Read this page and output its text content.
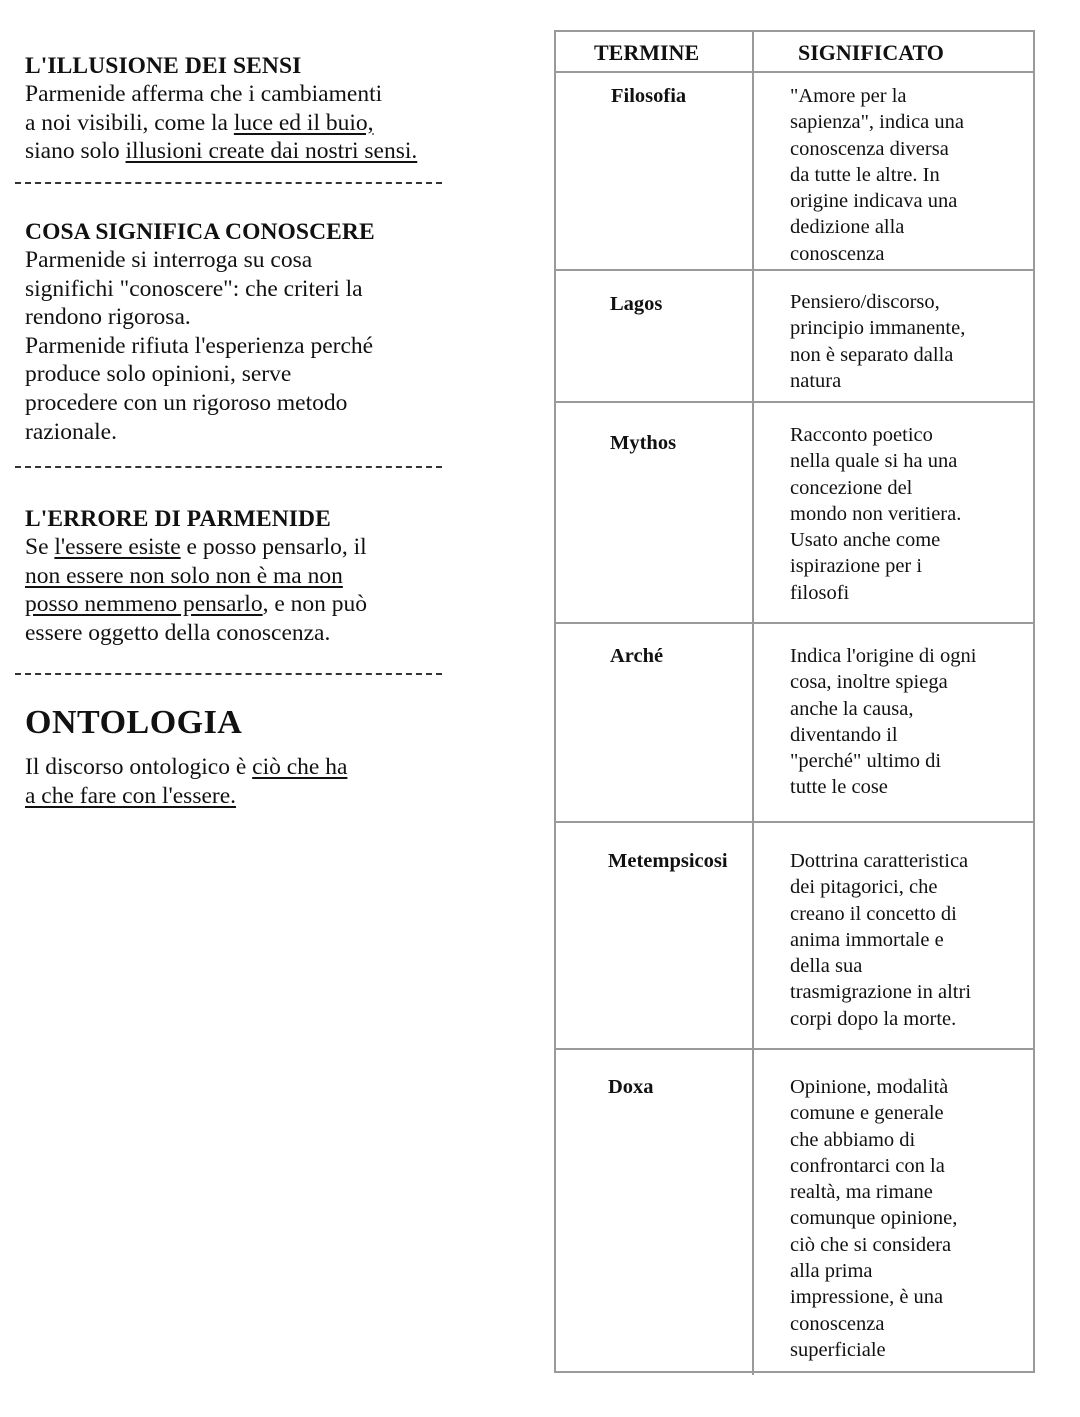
L'ILLUSIONE DEI SENSI
Parmenide afferma che i cambiamenti
a noi visibili, come la luce ed il buio,
siano solo illusioni create dai nostri sensi.
COSA SIGNIFICA CONOSCERE
Parmenide si interroga su cosa
significhi "conoscere": che criteri la
rendono rigorosa.
Parmenide rifiuta l'esperienza perché
produce solo opinioni, serve
procedere con un rigoroso metodo
razionale.
L'ERRORE DI PARMENIDE
Se l'essere esiste e posso pensarlo, il
non essere non solo non è ma non
posso nemmeno pensarlo, e non può
essere oggetto della conoscenza.
ONTOLOGIA
Il discorso ontologico è ciò che ha
a che fare con l'essere.
TERMINE	SIGNIFICATO
Filosofia	"Amore per la
sapienza", indica una
conoscenza diversa
da tutte le altre. In
origine indicava una
dedizione alla
conoscenza
Lagos	Pensiero/discorso,
principio immanente,
non è separato dalla
natura
Mythos	Racconto poetico
nella quale si ha una
concezione del
mondo non veritiera.
Usato anche come
ispirazione per i
filosofi
Arché	Indica l'origine di ogni
cosa, inoltre spiega
anche la causa,
diventando il
"perché" ultimo di
tutte le cose
Metempsicosi	Dottrina caratteristica
dei pitagorici, che
creano il concetto di
anima immortale e
della sua
trasmigrazione in altri
corpi dopo la morte.
Doxa	Opinione, modalità
comune e generale
che abbiamo di
confrontarci con la
realtà, ma rimane
comunque opinione,
ciò che si considera
alla prima
impressione, è una
conoscenza
superficiale
